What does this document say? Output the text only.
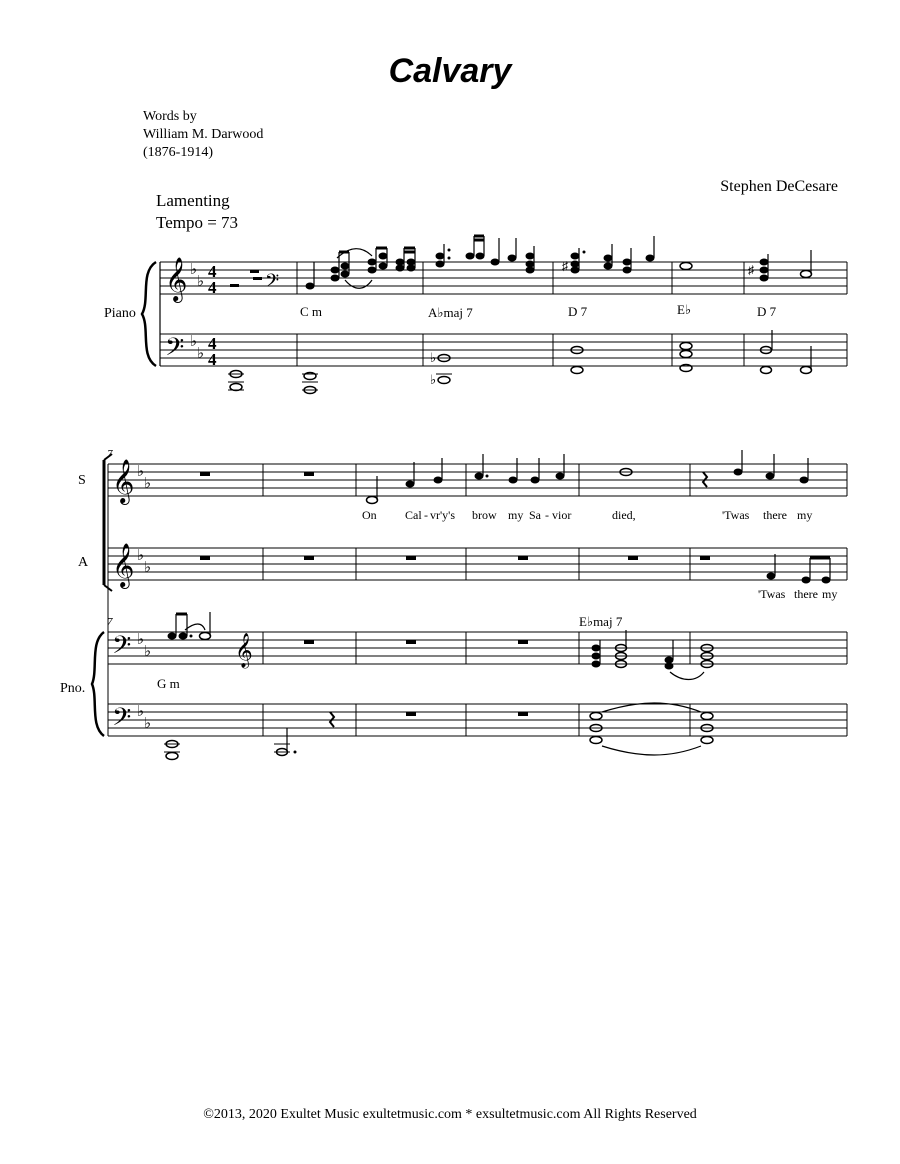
Calvary
Words by
William M. Darwood
(1876-1914)
Stephen DeCesare
Lamenting
Tempo = 73
𝄞
𝄢
♭
♭
♭
♭
4
4
4
4
𝄢
♭
♭
♯	♯
𝄞 ♭
♭
𝄞 ♭
♭
𝄢 ♭
♭
𝄢 ♭
♭
𝄞
Piano	C m	A♭maj 7	D 7	E♭	D 7
7
7
S
A
Pno.
E♭maj 7
G m
On Cal - vr'y's brow my Sa - vior	died,	'Twas there my
'Twas there my
©2013, 2020 Exultet Music exultetmusic.com * exsultetmusic.com All Rights Reserved
